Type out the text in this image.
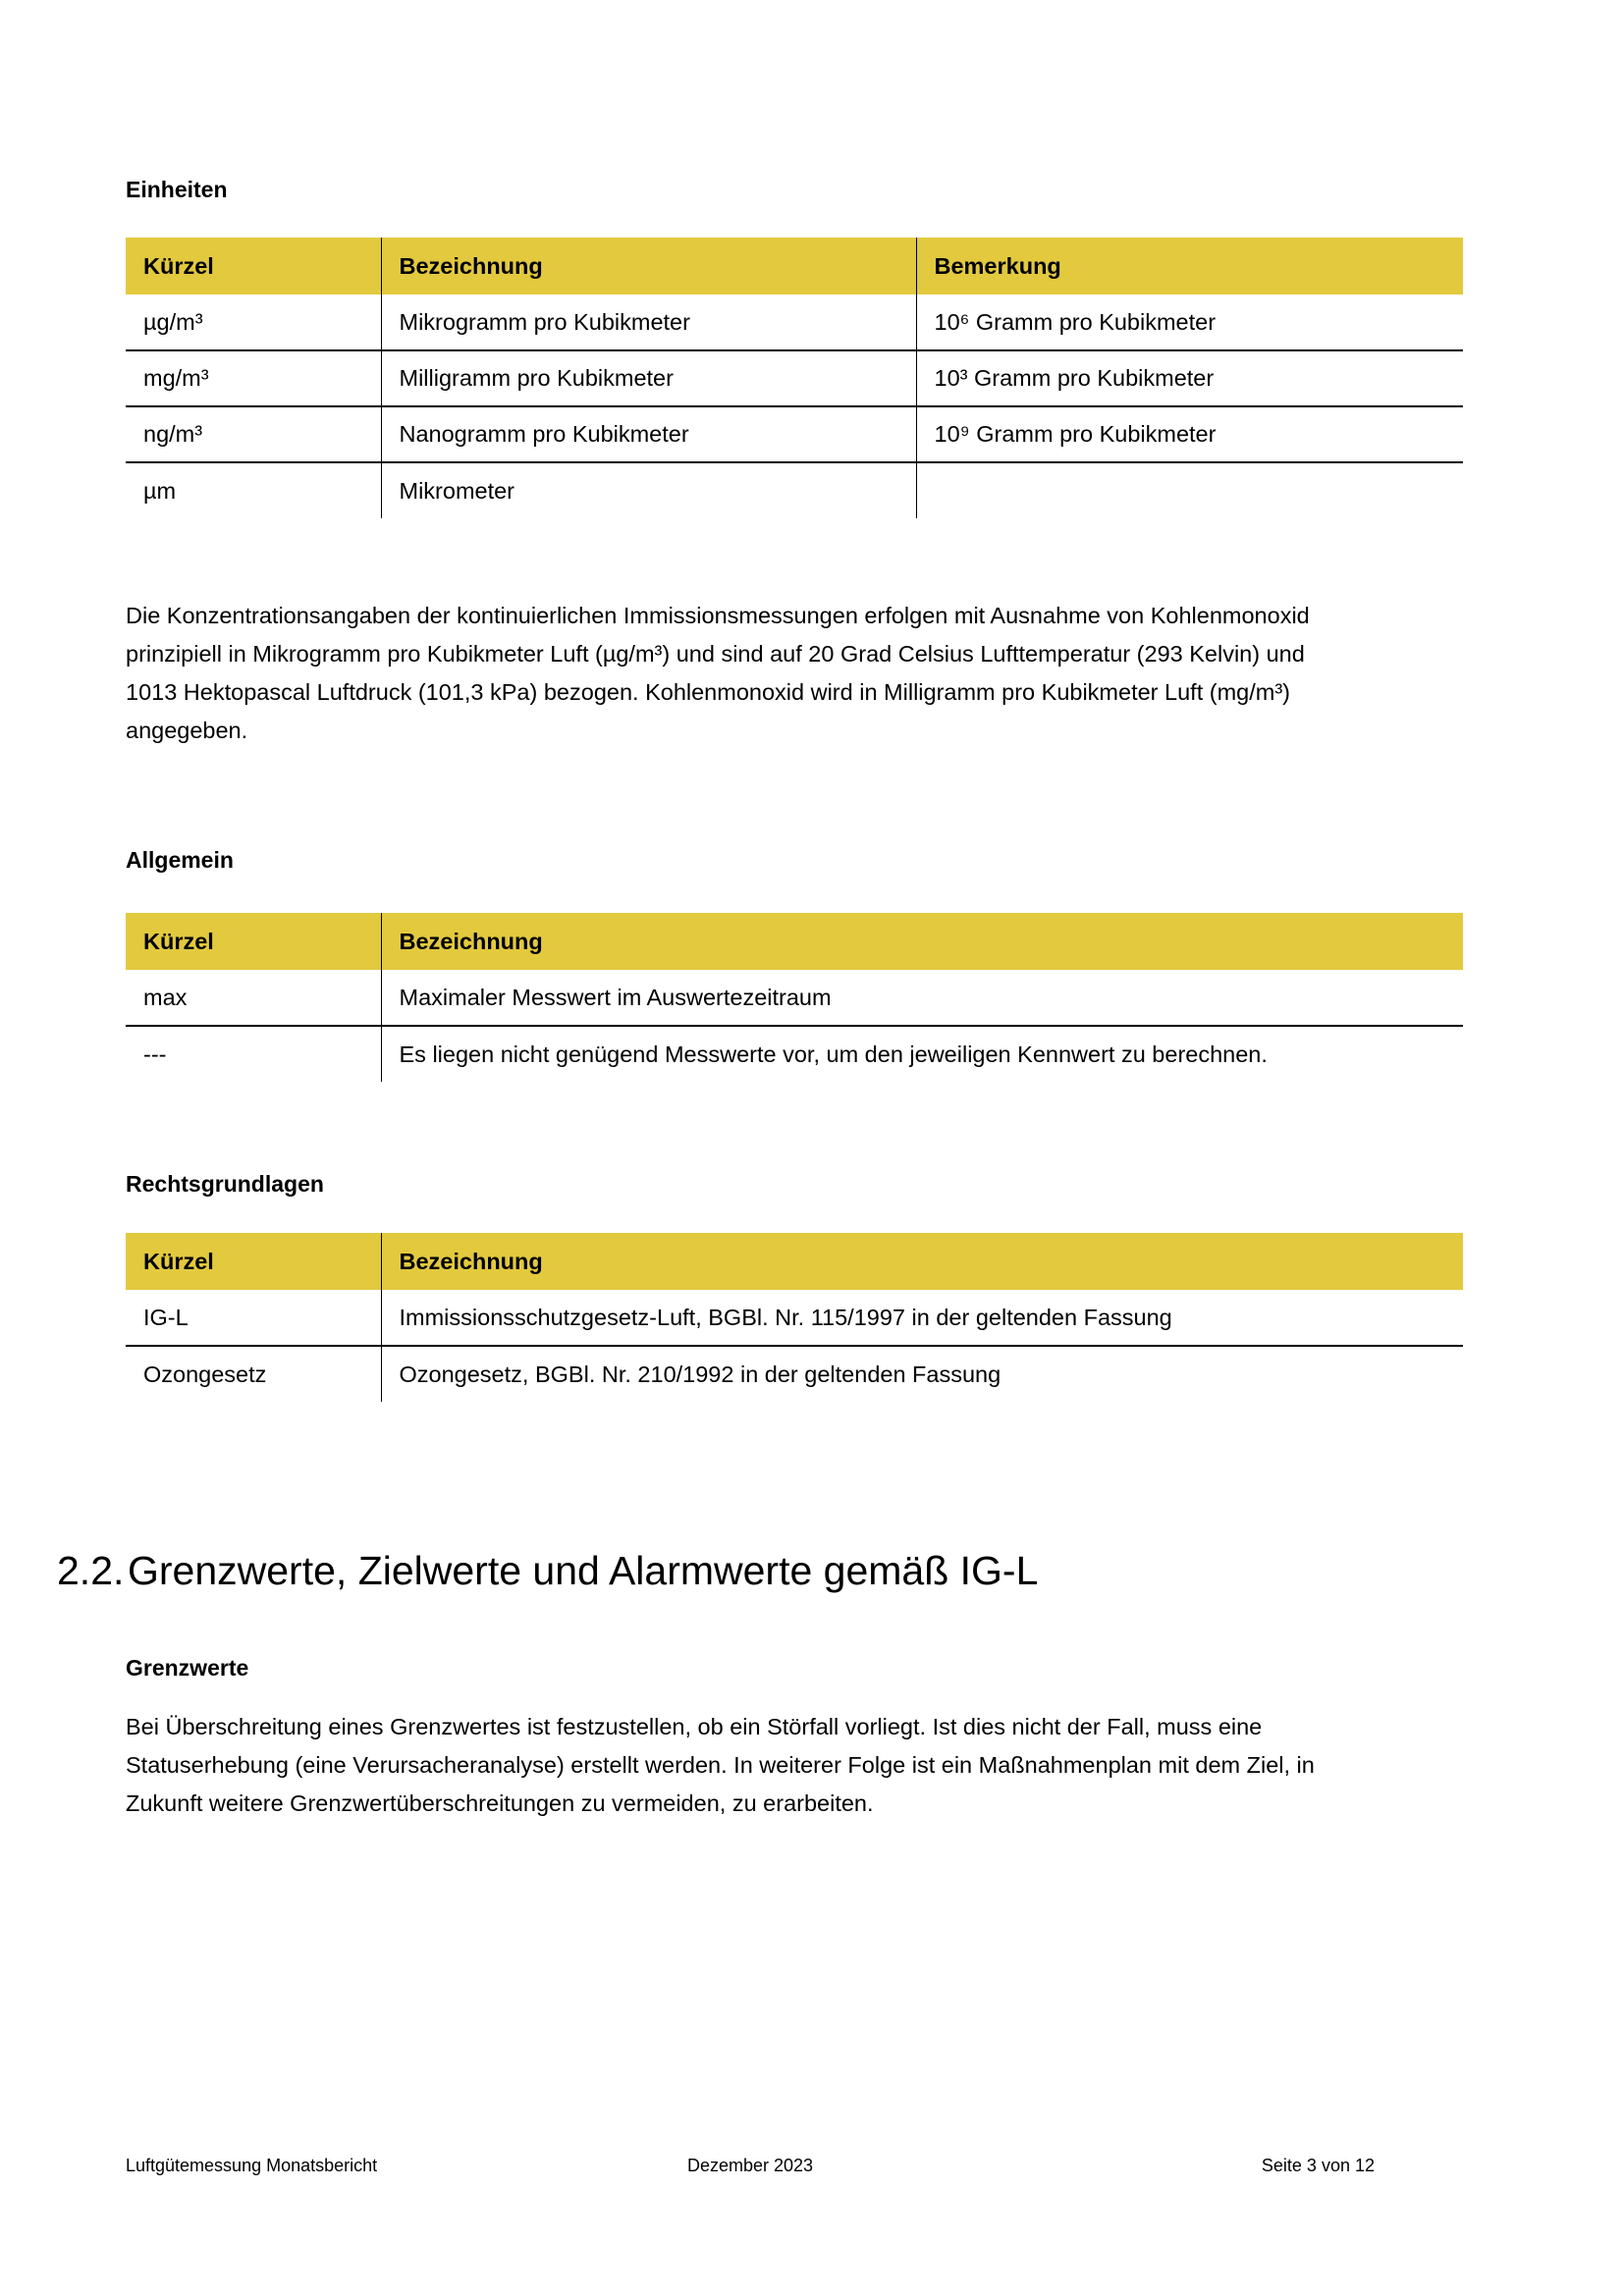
Einheiten
Kürzel	Bezeichnung	Bemerkung
µg/m³	Mikrogramm pro Kubikmeter	10⁶ Gramm pro Kubikmeter
mg/m³	Milligramm pro Kubikmeter	10³ Gramm pro Kubikmeter
ng/m³	Nanogramm pro Kubikmeter	10⁹ Gramm pro Kubikmeter
µm	Mikrometer	
Die Konzentrationsangaben der kontinuierlichen Immissionsmessungen erfolgen mit Ausnahme von Kohlenmonoxid
prinzipiell in Mikrogramm pro Kubikmeter Luft (µg/m³) und sind auf 20 Grad Celsius Lufttemperatur (293 Kelvin) und
1013 Hektopascal Luftdruck (101,3 kPa) bezogen. Kohlenmonoxid wird in Milligramm pro Kubikmeter Luft (mg/m³)
angegeben.
Allgemein
Kürzel	Bezeichnung
max	Maximaler Messwert im Auswertezeitraum
---	Es liegen nicht genügend Messwerte vor, um den jeweiligen Kennwert zu berechnen.
Rechtsgrundlagen
Kürzel	Bezeichnung
IG-L	Immissionsschutzgesetz-Luft, BGBl. Nr. 115/1997 in der geltenden Fassung
Ozongesetz	Ozongesetz, BGBl. Nr. 210/1992 in der geltenden Fassung
2.2. Grenzwerte, Zielwerte und Alarmwerte gemäß IG-L
Grenzwerte
Bei Überschreitung eines Grenzwertes ist festzustellen, ob ein Störfall vorliegt. Ist dies nicht der Fall, muss eine
Statuserhebung (eine Verursacheranalyse) erstellt werden. In weiterer Folge ist ein Maßnahmenplan mit dem Ziel, in
Zukunft weitere Grenzwertüberschreitungen zu vermeiden, zu erarbeiten.
Luftgütemessung Monatsbericht	Dezember 2023	Seite 3 von 12
